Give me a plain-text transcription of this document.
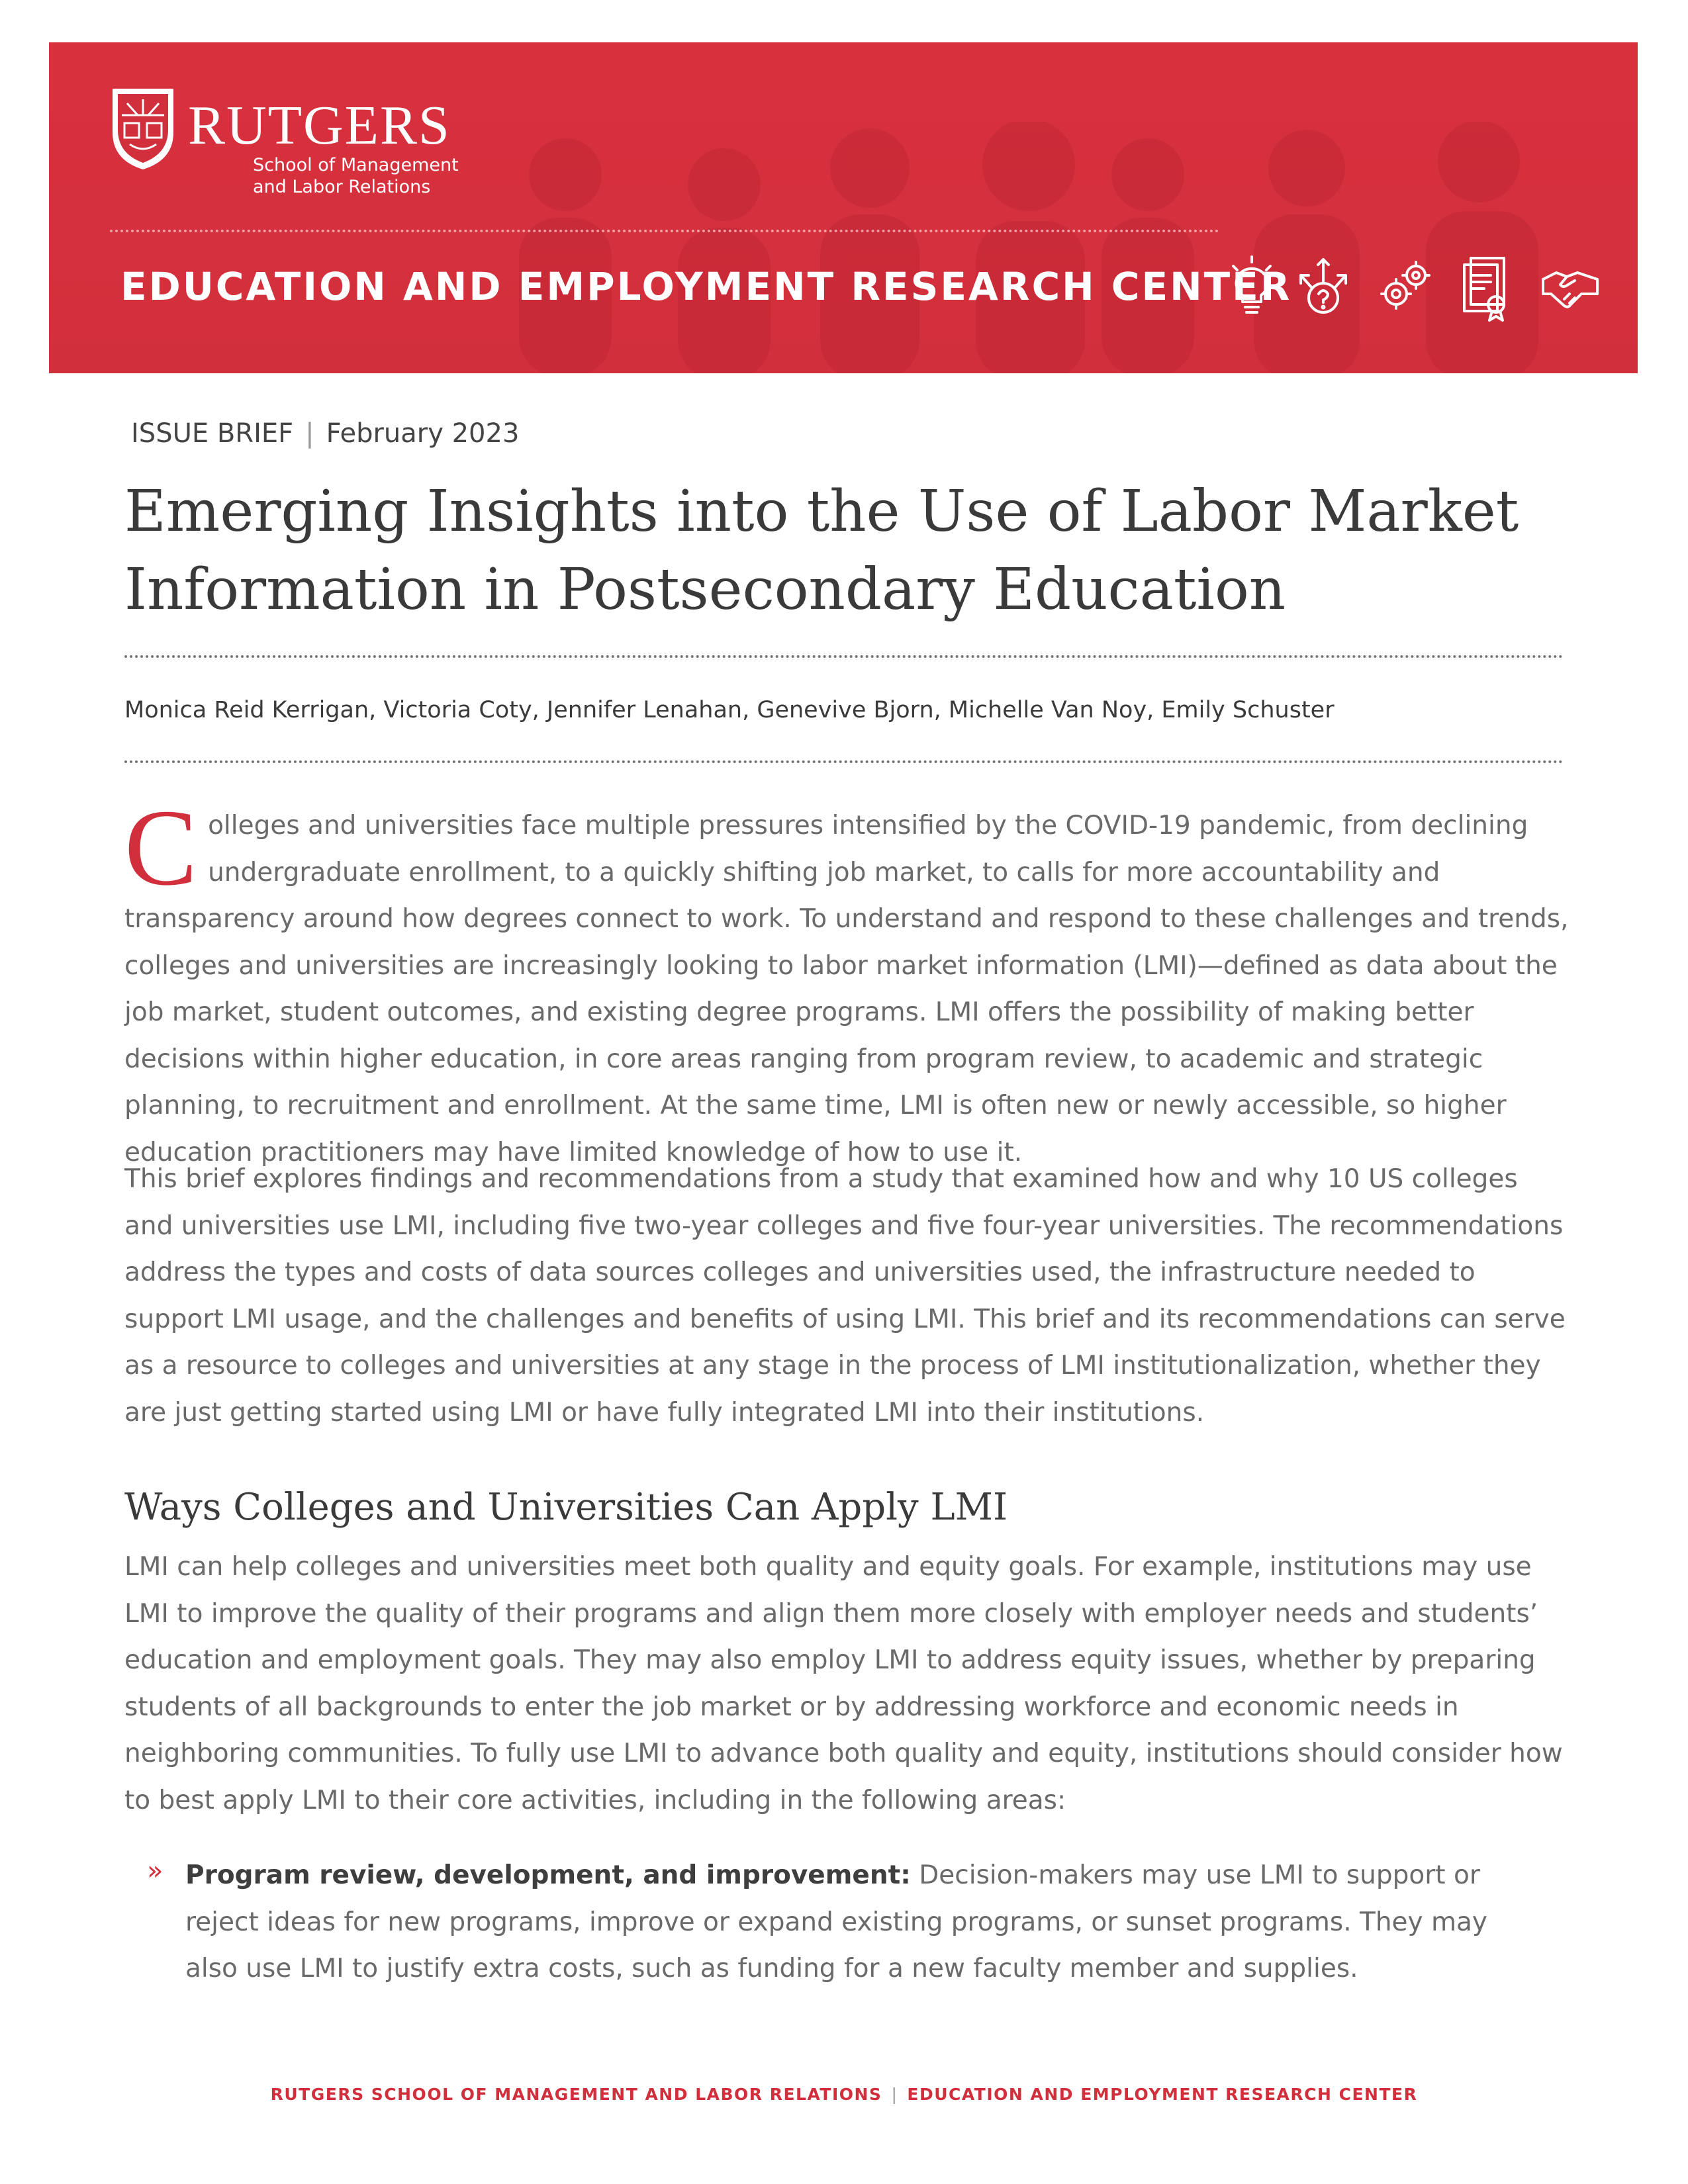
RUTGERS
School of Management
and Labor Relations
EDUCATION AND EMPLOYMENT RESEARCH CENTER
ISSUE BRIEF | February 2023
Emerging Insights into the Use of Labor Market
Information in Postsecondary Education
Monica Reid Kerrigan, Victoria Coty, Jennifer Lenahan, Genevive Bjorn, Michelle Van Noy, Emily Schuster

Colleges and universities face multiple pressures intensified by the COVID-19 pandemic, from declining undergraduate enrollment, to a quickly shifting job market, to calls for more accountability and transparency around how degrees connect to work. To understand and respond to these challenges and trends, colleges and universities are increasingly looking to labor market information (LMI)—defined as data about the job market, student outcomes, and existing degree programs. LMI offers the possibility of making better decisions within higher education, in core areas ranging from program review, to academic and strategic planning, to recruitment and enrollment. At the same time, LMI is often new or newly accessible, so higher education practitioners may have limited knowledge of how to use it.

This brief explores findings and recommendations from a study that examined how and why 10 US colleges and universities use LMI, including five two-year colleges and five four-year universities. The recommendations address the types and costs of data sources colleges and universities used, the infrastructure needed to support LMI usage, and the challenges and benefits of using LMI. This brief and its recommendations can serve as a resource to colleges and universities at any stage in the process of LMI institutionalization, whether they are just getting started using LMI or have fully integrated LMI into their institutions.

Ways Colleges and Universities Can Apply LMI

LMI can help colleges and universities meet both quality and equity goals. For example, institutions may use LMI to improve the quality of their programs and align them more closely with employer needs and students’ education and employment goals. They may also employ LMI to address equity issues, whether by preparing students of all backgrounds to enter the job market or by addressing workforce and economic needs in neighboring communities. To fully use LMI to advance both quality and equity, institutions should consider how to best apply LMI to their core activities, including in the following areas:

» Program review, development, and improvement: Decision-makers may use LMI to support or reject ideas for new programs, improve or expand existing programs, or sunset programs. They may also use LMI to justify extra costs, such as funding for a new faculty member and supplies.

RUTGERS SCHOOL OF MANAGEMENT AND LABOR RELATIONS | EDUCATION AND EMPLOYMENT RESEARCH CENTER
